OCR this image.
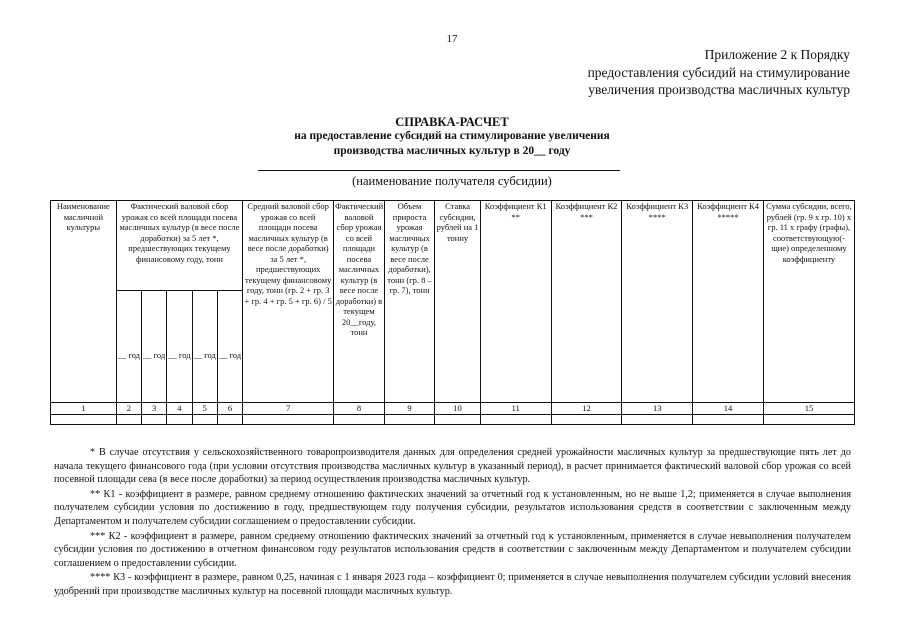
17
Приложение 2 к Порядку
предоставления субсидий на стимулирование
увеличения производства масличных культур
СПРАВКА-РАСЧЕТ
на предоставление субсидий на стимулирование увеличения
производства масличных культур в 20__ году
(наименование получателя субсидии)
Наименование масличной культуры	Фактический валовой сбор урожая со всей площади посева масличных культур (в весе после доработки) за 5 лет *, предшествующих текущему финансовому году, тонн					Средний валовой сбор урожая со всей площади посева масличных культур (в весе после доработки) за 5 лет *, предшествующих текущему финансовому году, тонн (гр. 2 + гр. 3 + гр. 4 + гр. 5 + гр. 6) / 5	Фактический валовой сбор урожая со всей площади посева масличных культур (в весе после доработки) в текущем 20__году, тонн	Объем прироста урожая масличных культур (в весе после доработки), тонн (гр. 8 – гр. 7), тонн	Ставка субсидии, рублей на 1 тонну	Коэффициент К1 **	Коэффициент К2 ***	Коэффициент К3 ****	Коэффициент К4 *****	Сумма субсидии, всего, рублей (гр. 9 х гр. 10) х гр. 11 х графу (графы), соответствующую(-щие) определенному коэффициенту
	__ год	__ год	__ год	__ год	__ год									
1	2	3	4	5	6	7	8	9	10	11	12	13	14	15

* В случае отсутствия у сельскохозяйственного товаропроизводителя данных для определения средней урожайности масличных культур за предшествующие пять лет до начала текущего финансового года (при условии отсутствия производства масличных культур в указанный период), в расчет принимается фактический валовой сбор урожая со всей посевной площади сева (в весе после доработки) за период осуществления производства масличных культур.

** К1 - коэффициент в размере, равном среднему отношению фактических значений за отчетный год к установленным, но не выше 1,2; применяется в случае выполнения получателем субсидии условия по достижению в году, предшествующем году получения субсидии, результатов использования средств в соответствии с заключенным между Департаментом и получателем субсидии соглашением о предоставлении субсидии.

*** К2 - коэффициент в размере, равном среднему отношению фактических значений за отчетный год к установленным, применяется в случае невыполнения получателем субсидии условия по достижению в отчетном финансовом году результатов использования средств в соответствии с заключенным между Департаментом и получателем субсидии соглашением о предоставлении субсидии.

**** К3 - коэффициент в размере, равном 0,25, начиная с 1 января 2023 года – коэффициент 0; применяется в случае невыполнения получателем субсидии условий внесения удобрений при производстве масличных культур на посевной площади масличных культур.
